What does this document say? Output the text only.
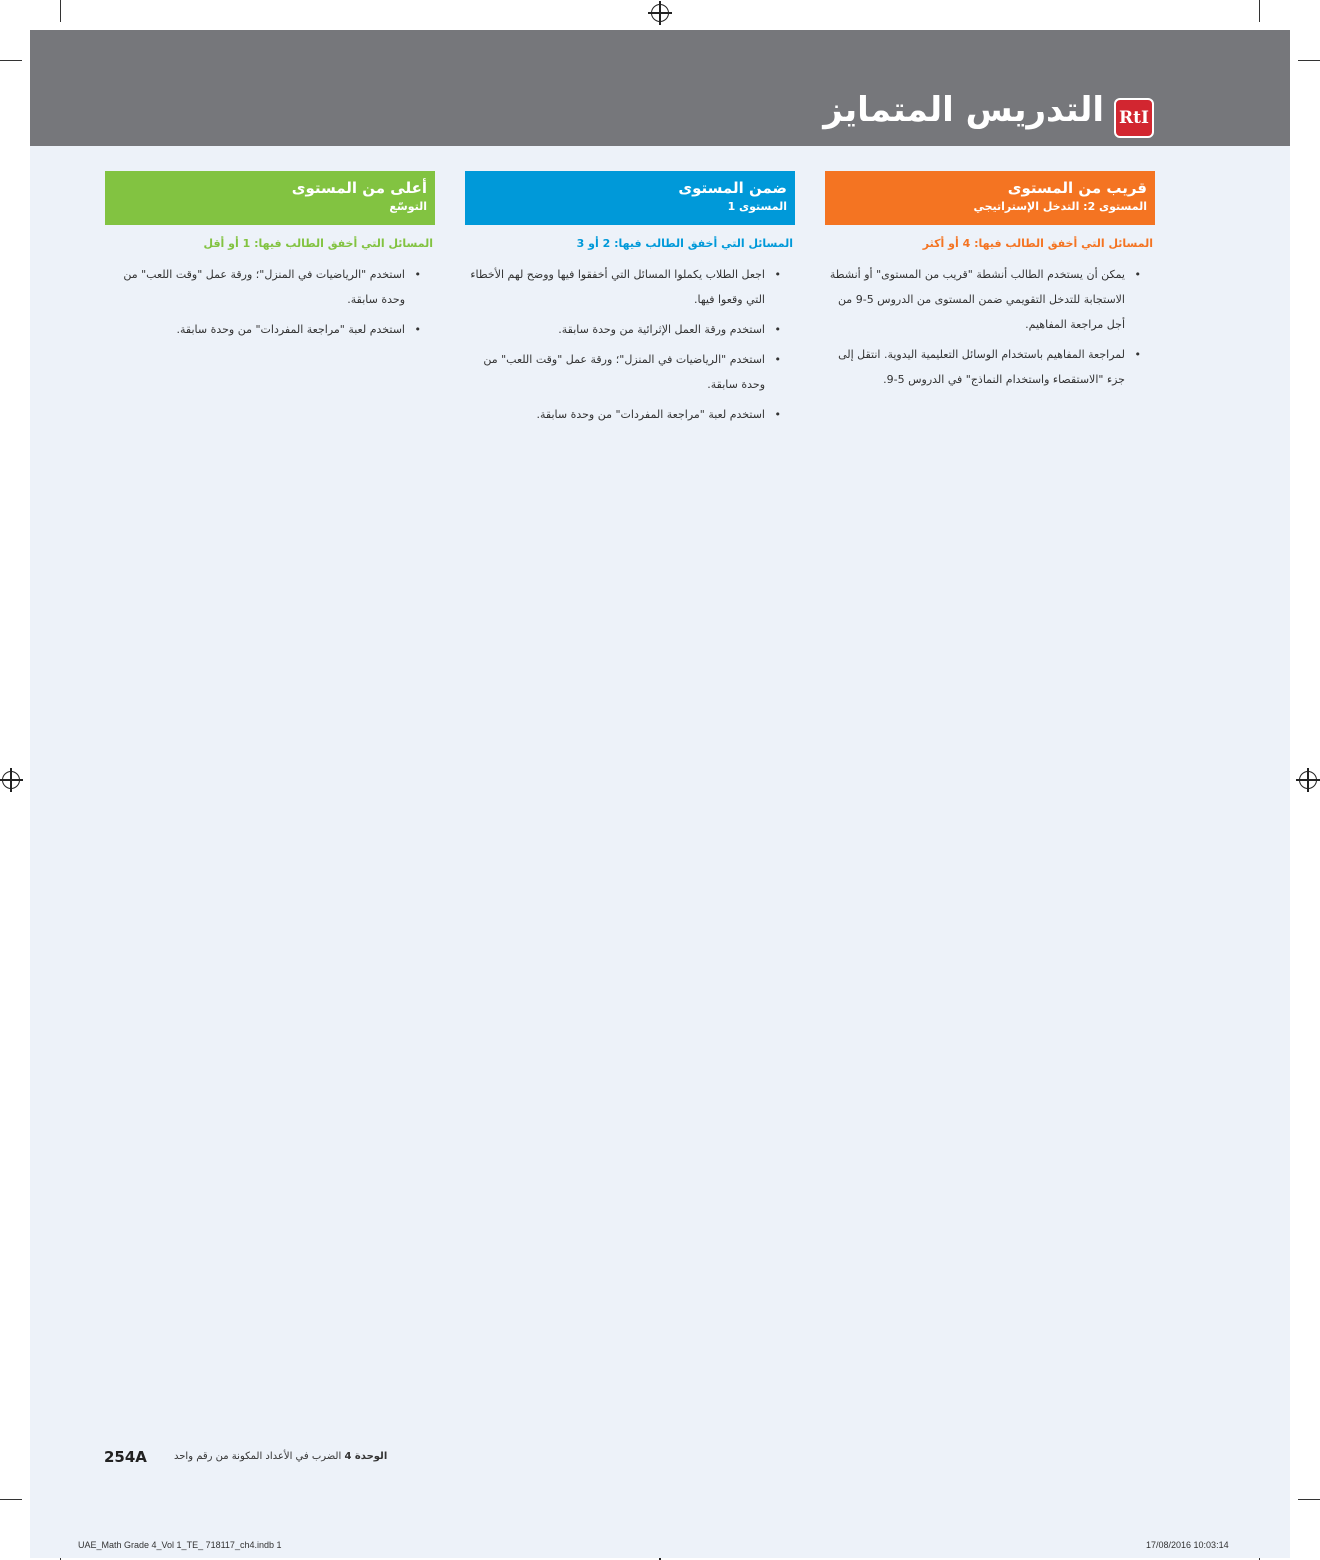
التدريس المتمايز RtI
قريب من المستوى
المستوى 2: التدخل الإستراتيجي
المسائل التي أخفق الطالب فيها: 4 أو أكثر
• يمكن أن يستخدم الطالب أنشطة "قريب من المستوى" أو أنشطة الاستجابة للتدخل التقويمي ضمن المستوى من الدروس 5-9 من أجل مراجعة المفاهيم.
• لمراجعة المفاهيم باستخدام الوسائل التعليمية اليدوية. انتقل إلى جزء "الاستقصاء واستخدام النماذج" في الدروس 5-9.
ضمن المستوى
المستوى 1
المسائل التي أخفق الطالب فيها: 2 أو 3
• اجعل الطلاب يكملوا المسائل التي أخفقوا فيها ووضح لهم الأخطاء التي وقعوا فيها.
• استخدم ورقة العمل الإثرائية من وحدة سابقة.
• استخدم "الرياضيات في المنزل"؛ ورقة عمل "وقت اللعب" من وحدة سابقة.
• استخدم لعبة "مراجعة المفردات" من وحدة سابقة.
أعلى من المستوى
التوسّع
المسائل التي أخفق الطالب فيها: 1 أو أقل
• استخدم "الرياضيات في المنزل"؛ ورقة عمل "وقت اللعب" من وحدة سابقة.
• استخدم لعبة "مراجعة المفردات" من وحدة سابقة.
254A	الوحدة 4 الضرب في الأعداد المكونة من رقم واحد
UAE_Math Grade 4_Vol 1_TE_ 718117_ch4.indb 1	17/08/2016 10:03:14
